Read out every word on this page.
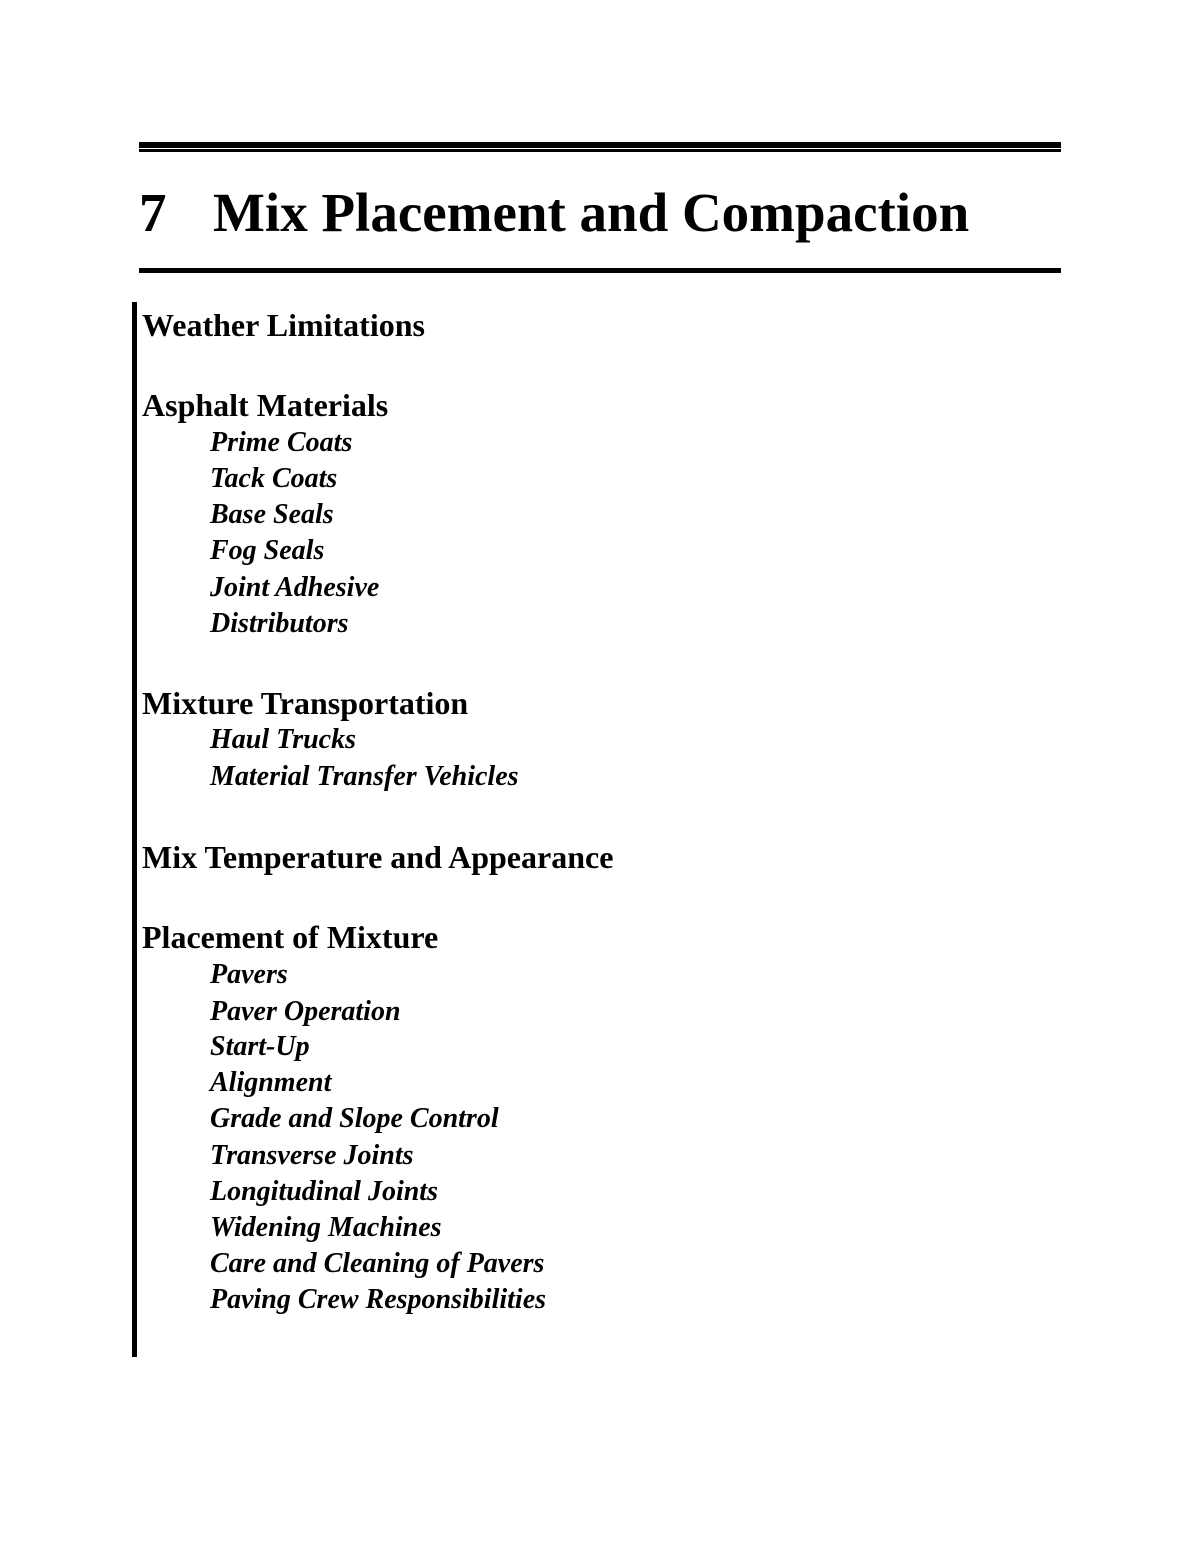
7 Mix Placement and Compaction
Weather Limitations
Asphalt Materials

Prime Coats

Tack Coats

Base Seals

Fog Seals

Joint Adhesive

Distributors

Mixture Transportation

Haul Trucks

Material Transfer Vehicles

Mix Temperature and Appearance
Placement of Mixture

Pavers

Paver Operation

Start-Up

Alignment

Grade and Slope Control

Transverse Joints

Longitudinal Joints

Widening Machines

Care and Cleaning of Pavers

Paving Crew Responsibilities
